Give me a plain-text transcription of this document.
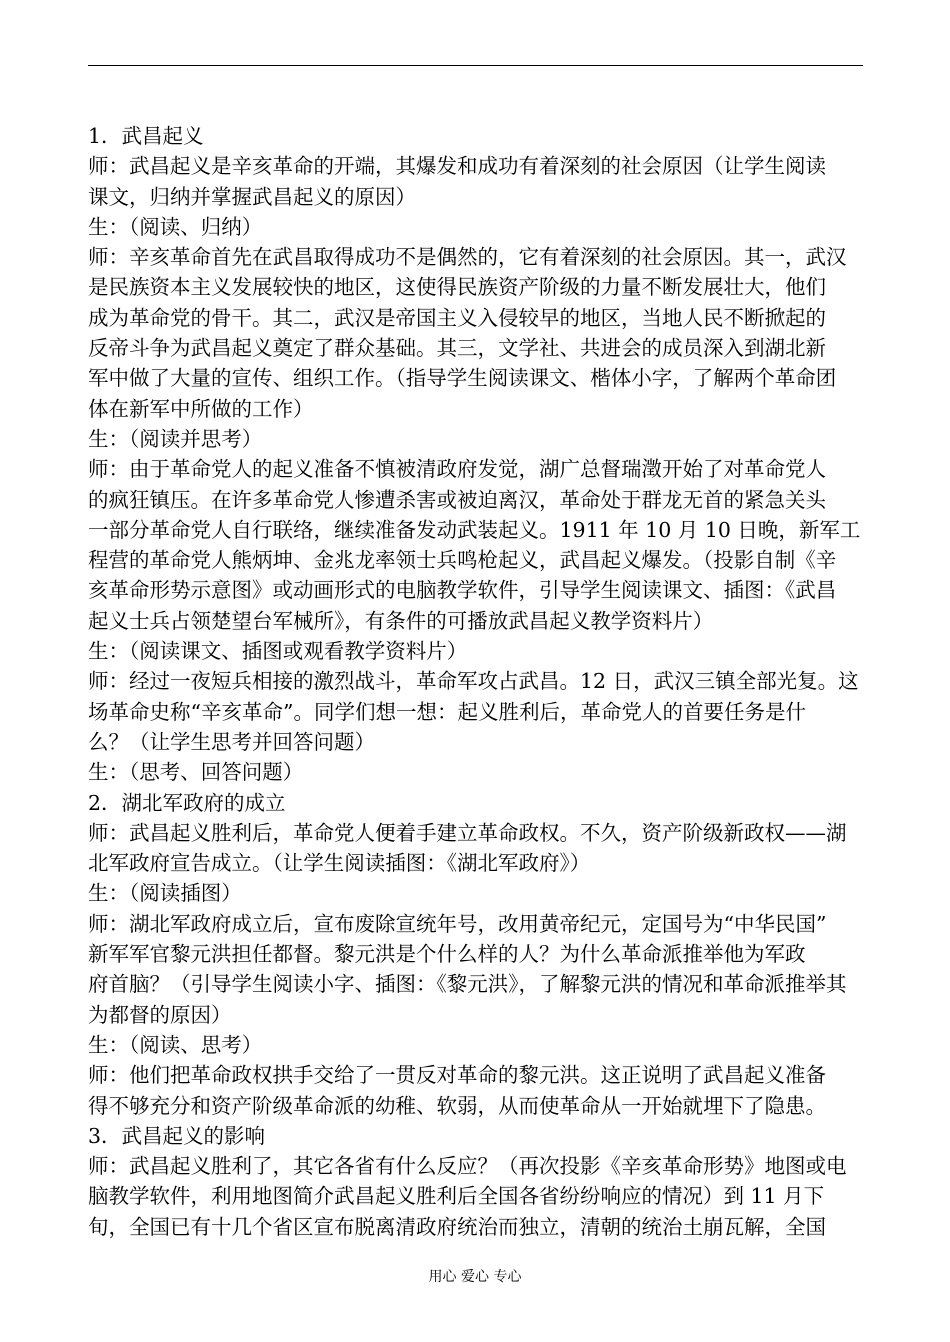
1．武昌起义

师：武昌起义是辛亥革命的开端，其爆发和成功有着深刻的社会原因（让学生阅读

课文，归纳并掌握武昌起义的原因）

生：（阅读、归纳）

师：辛亥革命首先在武昌取得成功不是偶然的，它有着深刻的社会原因。其一，武汉

是民族资本主义发展较快的地区，这使得民族资产阶级的力量不断发展壮大，他们

成为革命党的骨干。其二，武汉是帝国主义入侵较早的地区，当地人民不断掀起的

反帝斗争为武昌起义奠定了群众基础。其三，文学社、共进会的成员深入到湖北新

军中做了大量的宣传、组织工作。（指导学生阅读课文、楷体小字，了解两个革命团

体在新军中所做的工作）

生：（阅读并思考）

师：由于革命党人的起义准备不慎被清政府发觉，湖广总督瑞澂开始了对革命党人

的疯狂镇压。在许多革命党人惨遭杀害或被迫离汉，革命处于群龙无首的紧急关头

一部分革命党人自行联络，继续准备发动武装起义。1911 年 10 月 10 日晚，新军工

程营的革命党人熊炳坤、金兆龙率领士兵鸣枪起义，武昌起义爆发。（投影自制《辛

亥革命形势示意图》或动画形式的电脑教学软件，引导学生阅读课文、插图：《武昌

起义士兵占领楚望台军械所》，有条件的可播放武昌起义教学资料片）

生：（阅读课文、插图或观看教学资料片）

师：经过一夜短兵相接的激烈战斗，革命军攻占武昌。12 日，武汉三镇全部光复。这

场革命史称“辛亥革命”。同学们想一想：起义胜利后，革命党人的首要任务是什

么？（让学生思考并回答问题）

生：（思考、回答问题）

2．湖北军政府的成立

师：武昌起义胜利后，革命党人便着手建立革命政权。不久，资产阶级新政权——湖

北军政府宣告成立。（让学生阅读插图：《湖北军政府》）

生：（阅读插图）

师：湖北军政府成立后，宣布废除宣统年号，改用黄帝纪元，定国号为“中华民国”

新军军官黎元洪担任都督。黎元洪是个什么样的人？为什么革命派推举他为军政

府首脑？（引导学生阅读小字、插图：《黎元洪》，了解黎元洪的情况和革命派推举其

为都督的原因）

生：（阅读、思考）

师：他们把革命政权拱手交给了一贯反对革命的黎元洪。这正说明了武昌起义准备

得不够充分和资产阶级革命派的幼稚、软弱，从而使革命从一开始就埋下了隐患。

3．武昌起义的影响

师：武昌起义胜利了，其它各省有什么反应？（再次投影《辛亥革命形势》地图或电

脑教学软件，利用地图简介武昌起义胜利后全国各省纷纷响应的情况）到 11 月下

旬，全国已有十几个省区宣布脱离清政府统治而独立，清朝的统治土崩瓦解，全国

用心 爱心 专心
